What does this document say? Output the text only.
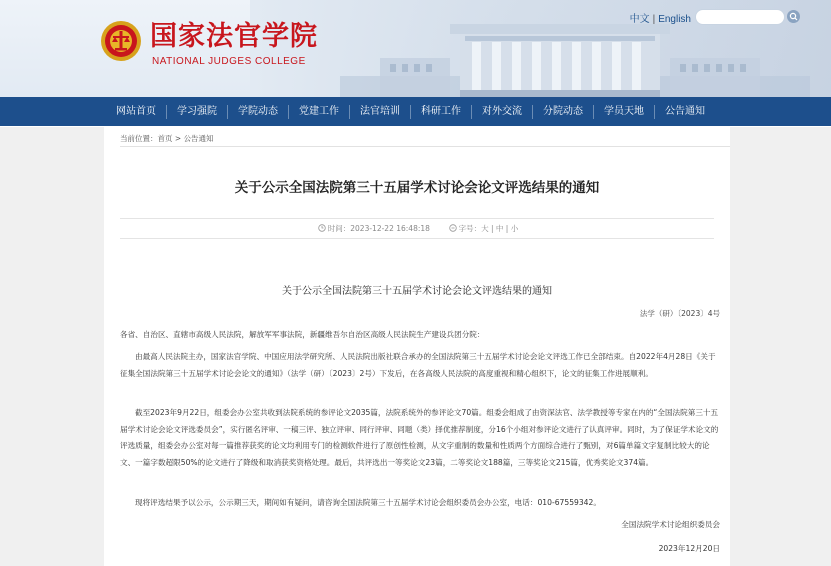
国家法官学院
NATIONAL JUDGES COLLEGE
中文 | English
网站首页	学习强院	学院动态	党建工作	法官培训	科研工作	对外交流	分院动态	学员天地	公告通知
当前位置：首页 > 公告通知
关于公示全国法院第三十五届学术讨论会论文评选结果的通知
时间：2023-12-22 16:48:18	字号：大 | 中 | 小
关于公示全国法院第三十五届学术讨论会论文评选结果的通知
法学（研）〔2023〕4号
各省、自治区、直辖市高级人民法院，解放军军事法院，新疆维吾尔自治区高级人民法院生产建设兵团分院：
由最高人民法院主办，国家法官学院、中国应用法学研究所、人民法院出版社联合承办的全国法院第三十五届学术讨论会论文评选工作已全部结束。自2022年4月28日《关于征集全国法院第三十五届学术讨论会论文的通知》（法学（研）〔2023〕2号）下发后，在各高级人民法院的高度重视和精心组织下，论文的征集工作进展顺利。
截至2023年9月22日，组委会办公室共收到法院系统的参评论文2035篇，法院系统外的参评论文70篇。组委会组成了由资深法官、法学教授等专家在内的“全国法院第三十五届学术讨论会论文评选委员会”，实行匿名评审、一稿三评、独立评审、同行评审、同题（类）择优推荐制度，分16个小组对参评论文进行了认真评审。同时，为了保证学术论文的评选质量，组委会办公室对每一篇推荐获奖的论文均利用专门的检测软件进行了原创性检测，从文字重制的数量和性质两个方面综合进行了甄别，对6篇单篇文字复制比较大的论文、一篇字数超限50%的论文进行了降级和取消获奖资格处理。最后，共评选出一等奖论文23篇，二等奖论文188篇，三等奖论文215篇，优秀奖论文374篇。
现将评选结果予以公示，公示期三天，期间如有疑问，请咨询全国法院第三十五届学术讨论会组织委员会办公室，电话：010-67559342。
全国法院学术讨论组织委员会
2023年12月20日
